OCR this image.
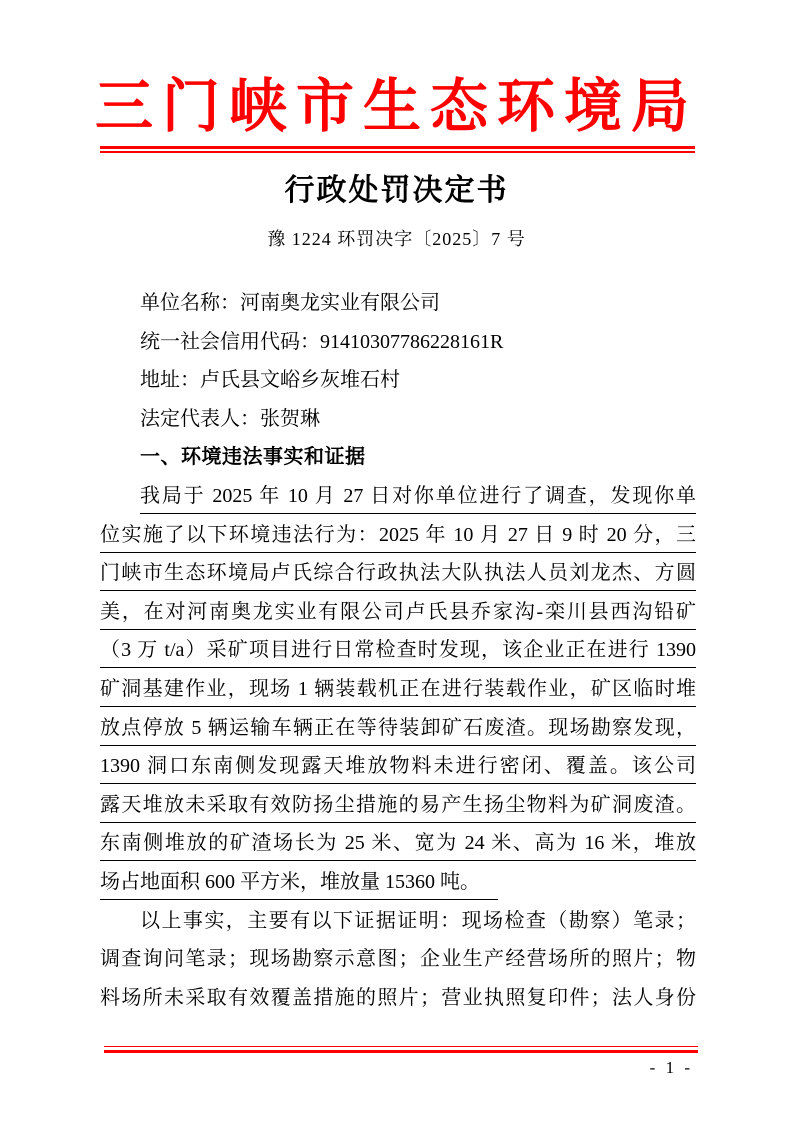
三门峡市生态环境局
行政处罚决定书
豫 1224 环罚决字〔2025〕7 号
单位名称：河南奥龙实业有限公司
统一社会信用代码：91410307786228161R
地址：卢氏县文峪乡灰堆石村
法定代表人：张贺琳
一、环境违法事实和证据
我局于 2025 年 10 月 27 日对你单位进行了调查，发现你单
位实施了以下环境违法行为：2025 年 10 月 27 日 9 时 20 分，三
门峡市生态环境局卢氏综合行政执法大队执法人员刘龙杰、方圆
美，在对河南奥龙实业有限公司卢氏县乔家沟-栾川县西沟铅矿
（3 万 t/a）采矿项目进行日常检查时发现，该企业正在进行 1390
矿洞基建作业，现场 1 辆装载机正在进行装载作业，矿区临时堆
放点停放 5 辆运输车辆正在等待装卸矿石废渣。现场勘察发现，
1390 洞口东南侧发现露天堆放物料未进行密闭、覆盖。该公司
露天堆放未采取有效防扬尘措施的易产生扬尘物料为矿洞废渣。
东南侧堆放的矿渣场长为 25 米、宽为 24 米、高为 16 米，堆放
场占地面积 600 平方米，堆放量 15360 吨。
以上事实，主要有以下证据证明：现场检查（勘察）笔录；
调查询问笔录；现场勘察示意图；企业生产经营场所的照片；物
料场所未采取有效覆盖措施的照片；营业执照复印件；法人身份
- 1 -
